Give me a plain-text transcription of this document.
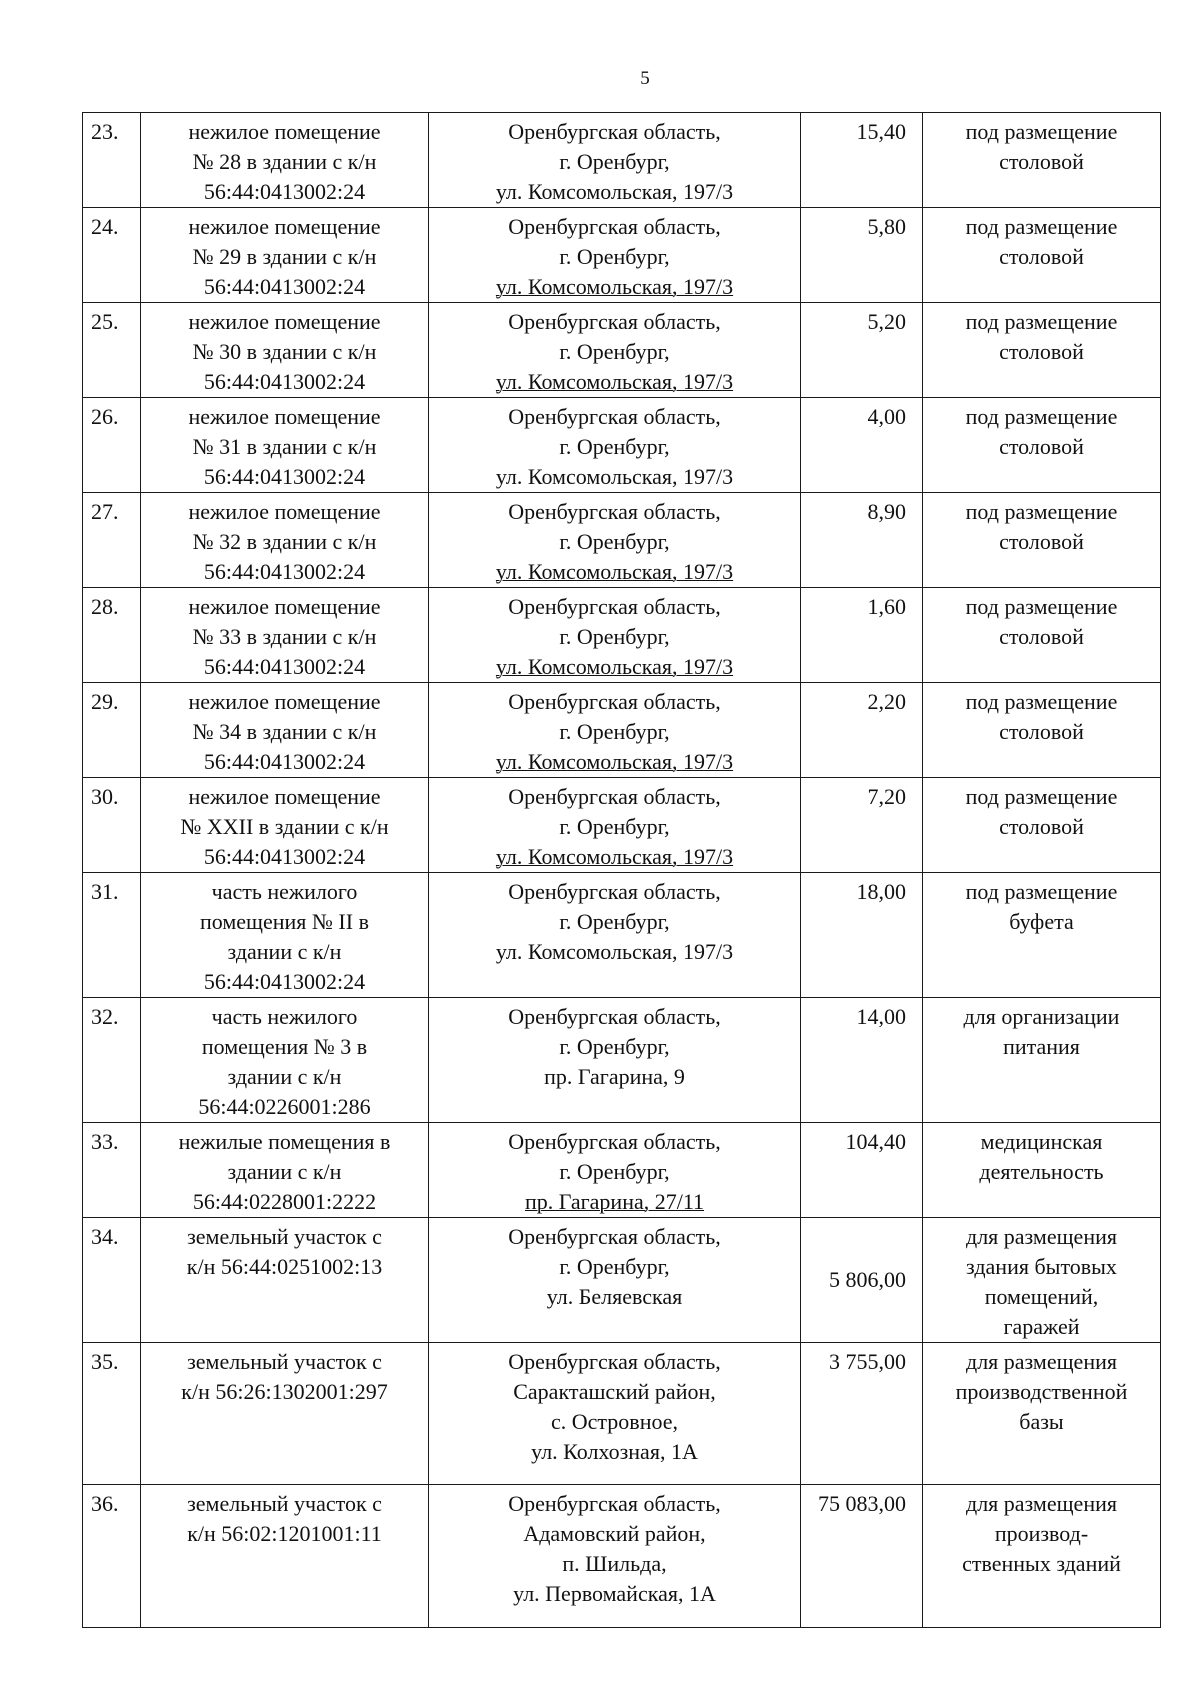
5
23.	нежилое помещение
№ 28 в здании с к/н
56:44:0413002:24	Оренбургская область,
г. Оренбург,
ул. Комсомольская, 197/3	15,40	под размещение
столовой

24.	нежилое помещение
№ 29 в здании с к/н
56:44:0413002:24	Оренбургская область,
г. Оренбург,
ул. Комсомольская, 197/3	5,80	под размещение
столовой

25.	нежилое помещение
№ 30 в здании с к/н
56:44:0413002:24	Оренбургская область,
г. Оренбург,
ул. Комсомольская, 197/3	5,20	под размещение
столовой

26.	нежилое помещение
№ 31 в здании с к/н
56:44:0413002:24	Оренбургская область,
г. Оренбург,
ул. Комсомольская, 197/3	4,00	под размещение
столовой

27.	нежилое помещение
№ 32 в здании с к/н
56:44:0413002:24	Оренбургская область,
г. Оренбург,
ул. Комсомольская, 197/3	8,90	под размещение
столовой

28.	нежилое помещение
№ 33 в здании с к/н
56:44:0413002:24	Оренбургская область,
г. Оренбург,
ул. Комсомольская, 197/3	1,60	под размещение
столовой

29.	нежилое помещение
№ 34 в здании с к/н
56:44:0413002:24	Оренбургская область,
г. Оренбург,
ул. Комсомольская, 197/3	2,20	под размещение
столовой

30.	нежилое помещение
№ XXII в здании с к/н
56:44:0413002:24	Оренбургская область,
г. Оренбург,
ул. Комсомольская, 197/3	7,20	под размещение
столовой

31.	часть нежилого
помещения № II в
здании с к/н
56:44:0413002:24	Оренбургская область,
г. Оренбург,
ул. Комсомольская, 197/3	18,00	под размещение
буфета

32.	часть нежилого
помещения № 3 в
здании с к/н
56:44:0226001:286	Оренбургская область,
г. Оренбург,
пр. Гагарина, 9	14,00	для организации
питания

33.	нежилые помещения в
здании с к/н
56:44:0228001:2222	Оренбургская область,
г. Оренбург,
пр. Гагарина, 27/11	104,40	медицинская
деятельность

34.	земельный участок с
к/н 56:44:0251002:13	Оренбургская область,
г. Оренбург,
ул. Беляевская	5 806,00	для размещения
здания бытовых
помещений,
гаражей

35.	земельный участок с
к/н 56:26:1302001:297	Оренбургская область,
Саракташский район,
с. Островное,
ул. Колхозная, 1А	3 755,00	для размещения
производственной
базы

36.	земельный участок с
к/н 56:02:1201001:11	Оренбургская область,
Адамовский район,
п. Шильда,
ул. Первомайская, 1А	75 083,00	для размещения
производ-
ственных зданий
